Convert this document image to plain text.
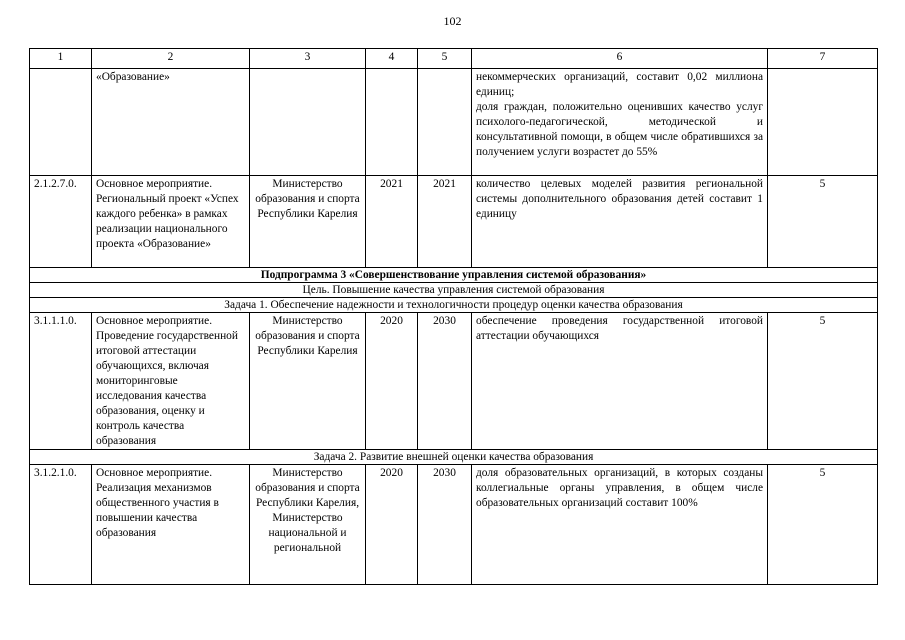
102
1	2	3	4	5	6	7

	«Образование»				некоммерческих организаций, составит 0,02 миллиона единиц;
доля граждан, положительно оценивших качество услуг психолого-педагогической, методической и консультативной помощи, в общем числе обратившихся за получением услуги возрастет до 55%	

2.1.2.7.0.	Основное мероприятие. Региональный проект «Успех каждого ребенка» в рамках реализации национального проекта «Образование»	Министерство образования и спорта Республики Карелия	2021	2021	количество целевых моделей развития региональной системы дополнительного образования детей составит 1 единицу	5
Подпрограмма 3 «Совершенствование управления системой образования»						
Цель. Повышение качества управления системой образования						
Задача 1. Обеспечение надежности и технологичности процедур оценки качества образования						
3.1.1.1.0.	Основное мероприятие. Проведение государственной итоговой аттестации обучающихся, включая мониторинговые исследования качества образования, оценку и контроль качества образования	Министерство образования и спорта Республики Карелия	2020	2030	обеспечение проведения государственной итоговой аттестации обучающихся	5
Задача 2. Развитие внешней оценки качества образования						
3.1.2.1.0.	Основное мероприятие. Реализация механизмов общественного участия в повышении качества образования	Министерство образования и спорта Республики Карелия, Министерство национальной и региональной	2020	2030	доля образовательных организаций, в которых созданы коллегиальные органы управления, в общем числе образовательных организаций составит 100%	5
